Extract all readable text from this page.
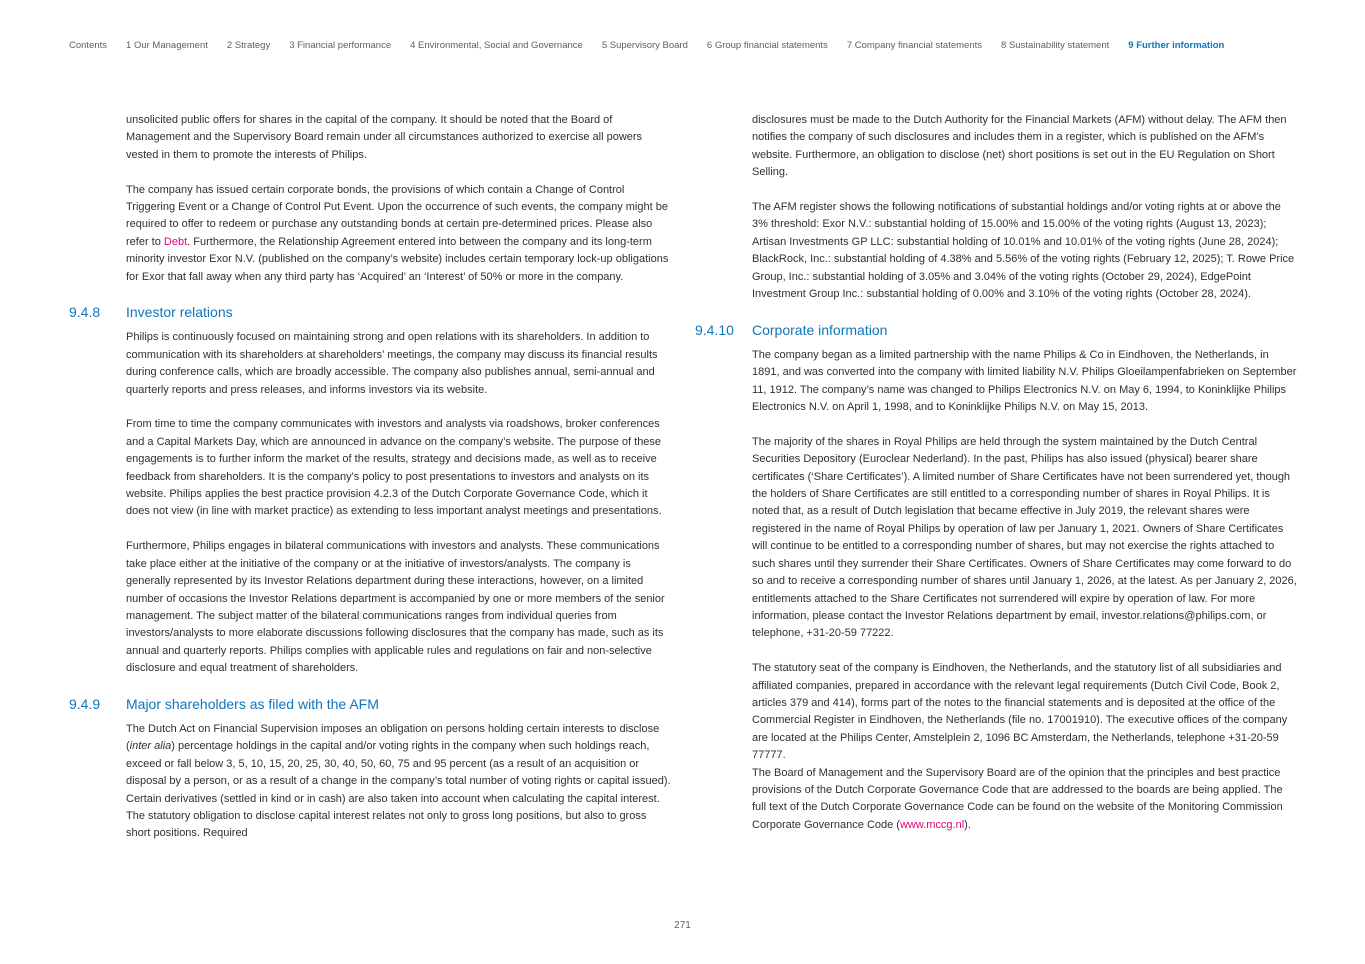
Contents 1 Our Management 2 Strategy 3 Financial performance 4 Environmental, Social and Governance 5 Supervisory Board 6 Group financial statements 7 Company financial statements 8 Sustainability statement 9 Further information

unsolicited public offers for shares in the capital of the company. It should be noted that the Board of Management and the Supervisory Board remain under all circumstances authorized to exercise all powers vested in them to promote the interests of Philips.

The company has issued certain corporate bonds, the provisions of which contain a Change of Control Triggering Event or a Change of Control Put Event. Upon the occurrence of such events, the company might be required to offer to redeem or purchase any outstanding bonds at certain pre-determined prices. Please also refer to Debt. Furthermore, the Relationship Agreement entered into between the company and its long-term minority investor Exor N.V. (published on the company’s website) includes certain temporary lock-up obligations for Exor that fall away when any third party has ‘Acquired’ an ‘Interest’ of 50% or more in the company.

9.4.8	Investor relations

Philips is continuously focused on maintaining strong and open relations with its shareholders. In addition to communication with its shareholders at shareholders’ meetings, the company may discuss its financial results during conference calls, which are broadly accessible. The company also publishes annual, semi-annual and quarterly reports and press releases, and informs investors via its website.

From time to time the company communicates with investors and analysts via roadshows, broker conferences and a Capital Markets Day, which are announced in advance on the company’s website. The purpose of these engagements is to further inform the market of the results, strategy and decisions made, as well as to receive feedback from shareholders. It is the company's policy to post presentations to investors and analysts on its website. Philips applies the best practice provision 4.2.3 of the Dutch Corporate Governance Code, which it does not view (in line with market practice) as extending to less important analyst meetings and presentations.

Furthermore, Philips engages in bilateral communications with investors and analysts. These communications take place either at the initiative of the company or at the initiative of investors/analysts. The company is generally represented by its Investor Relations department during these interactions, however, on a limited number of occasions the Investor Relations department is accompanied by one or more members of the senior management. The subject matter of the bilateral communications ranges from individual queries from investors/analysts to more elaborate discussions following disclosures that the company has made, such as its annual and quarterly reports. Philips complies with applicable rules and regulations on fair and non-selective disclosure and equal treatment of shareholders.

9.4.9	Major shareholders as filed with the AFM

The Dutch Act on Financial Supervision imposes an obligation on persons holding certain interests to disclose (inter alia) percentage holdings in the capital and/or voting rights in the company when such holdings reach, exceed or fall below 3, 5, 10, 15, 20, 25, 30, 40, 50, 60, 75 and 95 percent (as a result of an acquisition or disposal by a person, or as a result of a change in the company’s total number of voting rights or capital issued). Certain derivatives (settled in kind or in cash) are also taken into account when calculating the capital interest. The statutory obligation to disclose capital interest relates not only to gross long positions, but also to gross short positions. Required

disclosures must be made to the Dutch Authority for the Financial Markets (AFM) without delay. The AFM then notifies the company of such disclosures and includes them in a register, which is published on the AFM’s website. Furthermore, an obligation to disclose (net) short positions is set out in the EU Regulation on Short Selling.

The AFM register shows the following notifications of substantial holdings and/or voting rights at or above the 3% threshold: Exor N.V.: substantial holding of 15.00% and 15.00% of the voting rights (August 13, 2023); Artisan Investments GP LLC: substantial holding of 10.01% and 10.01% of the voting rights (June 28, 2024); BlackRock, Inc.: substantial holding of 4.38% and 5.56% of the voting rights (February 12, 2025); T. Rowe Price Group, Inc.: substantial holding of 3.05% and 3.04% of the voting rights (October 29, 2024), EdgePoint Investment Group Inc.: substantial holding of 0.00% and 3.10% of the voting rights (October 28, 2024).

9.4.10	Corporate information

The company began as a limited partnership with the name Philips & Co in Eindhoven, the Netherlands, in 1891, and was converted into the company with limited liability N.V. Philips Gloeilampenfabrieken on September 11, 1912. The company’s name was changed to Philips Electronics N.V. on May 6, 1994, to Koninklijke Philips Electronics N.V. on April 1, 1998, and to Koninklijke Philips N.V. on May 15, 2013.

The majority of the shares in Royal Philips are held through the system maintained by the Dutch Central Securities Depository (Euroclear Nederland). In the past, Philips has also issued (physical) bearer share certificates (‘Share Certificates’). A limited number of Share Certificates have not been surrendered yet, though the holders of Share Certificates are still entitled to a corresponding number of shares in Royal Philips. It is noted that, as a result of Dutch legislation that became effective in July 2019, the relevant shares were registered in the name of Royal Philips by operation of law per January 1, 2021. Owners of Share Certificates will continue to be entitled to a corresponding number of shares, but may not exercise the rights attached to such shares until they surrender their Share Certificates. Owners of Share Certificates may come forward to do so and to receive a corresponding number of shares until January 1, 2026, at the latest. As per January 2, 2026, entitlements attached to the Share Certificates not surrendered will expire by operation of law. For more information, please contact the Investor Relations department by email, investor.relations@philips.com, or telephone, +31-20-59 77222.

The statutory seat of the company is Eindhoven, the Netherlands, and the statutory list of all subsidiaries and affiliated companies, prepared in accordance with the relevant legal requirements (Dutch Civil Code, Book 2, articles 379 and 414), forms part of the notes to the financial statements and is deposited at the office of the Commercial Register in Eindhoven, the Netherlands (file no. 17001910). The executive offices of the company are located at the Philips Center, Amstelplein 2, 1096 BC Amsterdam, the Netherlands, telephone +31-20-59 77777.

The Board of Management and the Supervisory Board are of the opinion that the principles and best practice provisions of the Dutch Corporate Governance Code that are addressed to the boards are being applied. The full text of the Dutch Corporate Governance Code can be found on the website of the Monitoring Commission Corporate Governance Code (www.mccg.nl).

271
